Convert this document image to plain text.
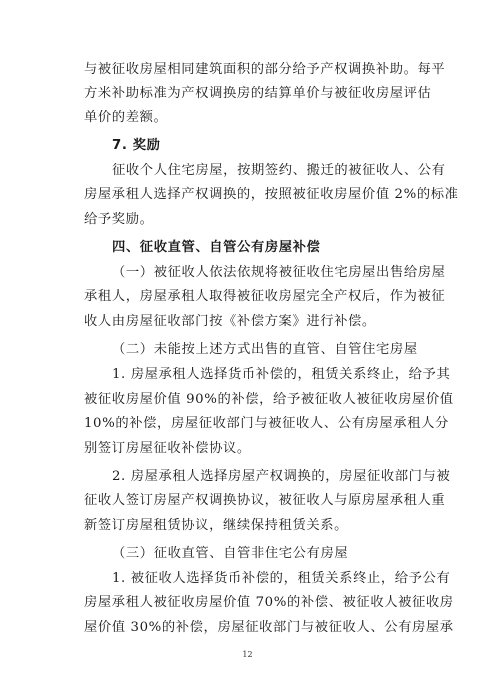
与被征收房屋相同建筑面积的部分给予产权调换补助。每平
方米补助标准为产权调换房的结算单价与被征收房屋评估
单价的差额。
7. 奖励
征收个人住宅房屋，按期签约、搬迁的被征收人、公有
房屋承租人选择产权调换的，按照被征收房屋价值 2%的标准
给予奖励。
四、征收直管、自管公有房屋补偿
（一）被征收人依法依规将被征收住宅房屋出售给房屋
承租人，房屋承租人取得被征收房屋完全产权后，作为被征
收人由房屋征收部门按《补偿方案》进行补偿。
（二）未能按上述方式出售的直管、自管住宅房屋
1. 房屋承租人选择货币补偿的，租赁关系终止，给予其
被征收房屋价值 90%的补偿，给予被征收人被征收房屋价值
10%的补偿，房屋征收部门与被征收人、公有房屋承租人分
别签订房屋征收补偿协议。
2. 房屋承租人选择房屋产权调换的，房屋征收部门与被
征收人签订房屋产权调换协议，被征收人与原房屋承租人重
新签订房屋租赁协议，继续保持租赁关系。
（三）征收直管、自管非住宅公有房屋
1. 被征收人选择货币补偿的，租赁关系终止，给予公有
房屋承租人被征收房屋价值 70%的补偿、被征收人被征收房
屋价值 30%的补偿，房屋征收部门与被征收人、公有房屋承
12
